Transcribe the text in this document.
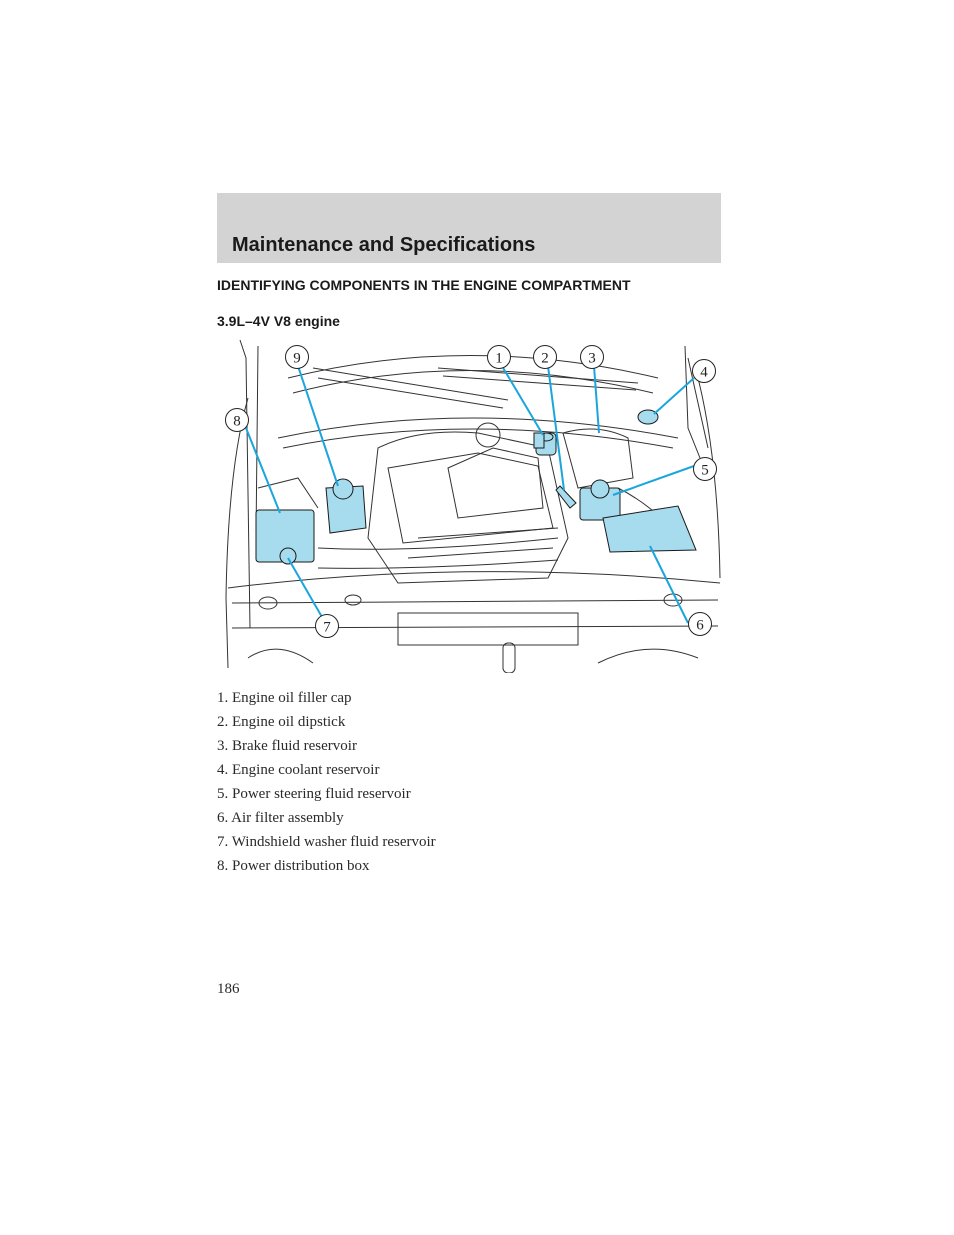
Maintenance and Specifications
IDENTIFYING COMPONENTS IN THE ENGINE COMPARTMENT
3.9L–4V V8 engine
1	2	3
4
5
6
7
8
9
1. Engine oil filler cap
2. Engine oil dipstick
3. Brake fluid reservoir
4. Engine coolant reservoir
5. Power steering fluid reservoir
6. Air filter assembly
7. Windshield washer fluid reservoir
8. Power distribution box
186
